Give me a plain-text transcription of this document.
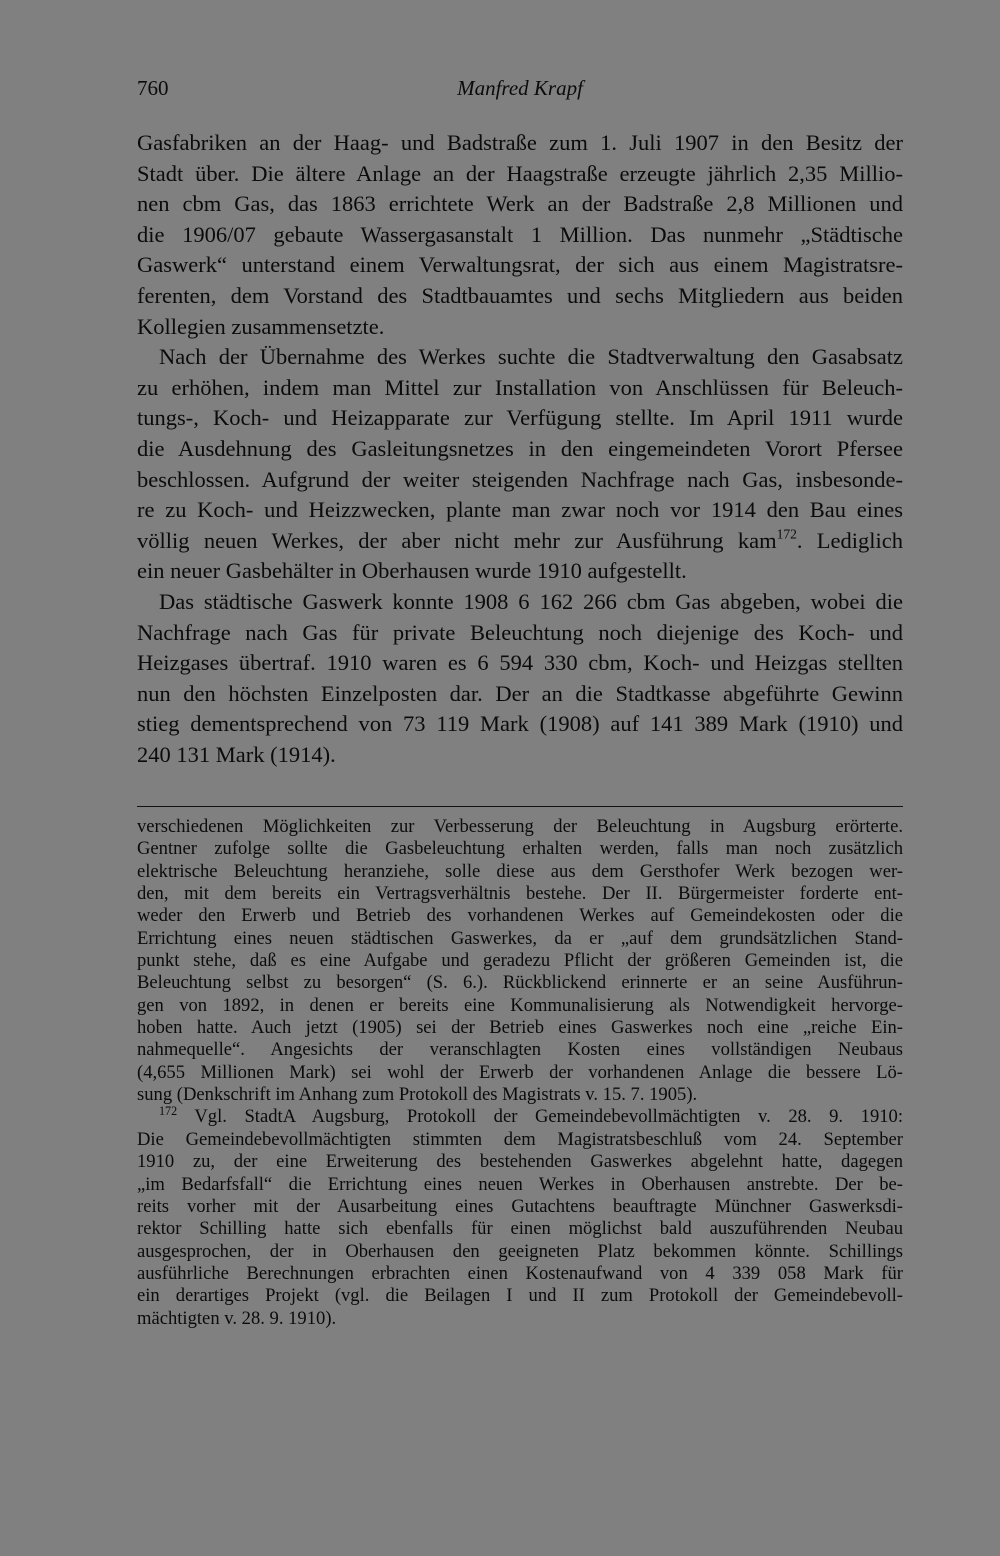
760	Manfred Krapf
Gasfabriken an der Haag- und Badstraße zum 1. Juli 1907 in den Besitz der
Stadt über. Die ältere Anlage an der Haagstraße erzeugte jährlich 2,35 Millio-
nen cbm Gas, das 1863 errichtete Werk an der Badstraße 2,8 Millionen und
die 1906/07 gebaute Wassergasanstalt 1 Million. Das nunmehr „Städtische
Gaswerk“ unterstand einem Verwaltungsrat, der sich aus einem Magistratsre-
ferenten, dem Vorstand des Stadtbauamtes und sechs Mitgliedern aus beiden
Kollegien zusammensetzte.
Nach der Übernahme des Werkes suchte die Stadtverwaltung den Gasabsatz
zu erhöhen, indem man Mittel zur Installation von Anschlüssen für Beleuch-
tungs-, Koch- und Heizapparate zur Verfügung stellte. Im April 1911 wurde
die Ausdehnung des Gasleitungsnetzes in den eingemeindeten Vorort Pfersee
beschlossen. Aufgrund der weiter steigenden Nachfrage nach Gas, insbesonde-
re zu Koch- und Heizzwecken, plante man zwar noch vor 1914 den Bau eines
völlig neuen Werkes, der aber nicht mehr zur Ausführung kam$^{172}$. Lediglich
ein neuer Gasbehälter in Oberhausen wurde 1910 aufgestellt.
Das städtische Gaswerk konnte 1908 6 162 266 cbm Gas abgeben, wobei die
Nachfrage nach Gas für private Beleuchtung noch diejenige des Koch- und
Heizgases übertraf. 1910 waren es 6 594 330 cbm, Koch- und Heizgas stellten
nun den höchsten Einzelposten dar. Der an die Stadtkasse abgeführte Gewinn
stieg dementsprechend von 73 119 Mark (1908) auf 141 389 Mark (1910) und
240 131 Mark (1914).
verschiedenen Möglichkeiten zur Verbesserung der Beleuchtung in Augsburg erörterte.
Gentner zufolge sollte die Gasbeleuchtung erhalten werden, falls man noch zusätzlich
elektrische Beleuchtung heranziehe, solle diese aus dem Gersthofer Werk bezogen wer-
den, mit dem bereits ein Vertragsverhältnis bestehe. Der II. Bürgermeister forderte ent-
weder den Erwerb und Betrieb des vorhandenen Werkes auf Gemeindekosten oder die
Errichtung eines neuen städtischen Gaswerkes, da er „auf dem grundsätzlichen Stand-
punkt stehe, daß es eine Aufgabe und geradezu Pflicht der größeren Gemeinden ist, die
Beleuchtung selbst zu besorgen“ (S. 6.). Rückblickend erinnerte er an seine Ausführun-
gen von 1892, in denen er bereits eine Kommunalisierung als Notwendigkeit hervorge-
hoben hatte. Auch jetzt (1905) sei der Betrieb eines Gaswerkes noch eine „reiche Ein-
nahmequelle“. Angesichts der veranschlagten Kosten eines vollständigen Neubaus
(4,655 Millionen Mark) sei wohl der Erwerb der vorhandenen Anlage die bessere Lö-
sung (Denkschrift im Anhang zum Protokoll des Magistrats v. 15. 7. 1905).
$^{172}$ Vgl. StadtA Augsburg, Protokoll der Gemeindebevollmächtigten v. 28. 9. 1910:
Die Gemeindebevollmächtigten stimmten dem Magistratsbeschluß vom 24. September
1910 zu, der eine Erweiterung des bestehenden Gaswerkes abgelehnt hatte, dagegen
„im Bedarfsfall“ die Errichtung eines neuen Werkes in Oberhausen anstrebte. Der be-
reits vorher mit der Ausarbeitung eines Gutachtens beauftragte Münchner Gaswerksdi-
rektor Schilling hatte sich ebenfalls für einen möglichst bald auszuführenden Neubau
ausgesprochen, der in Oberhausen den geeigneten Platz bekommen könnte. Schillings
ausführliche Berechnungen erbrachten einen Kostenaufwand von 4 339 058 Mark für
ein derartiges Projekt (vgl. die Beilagen I und II zum Protokoll der Gemeindebevoll-
mächtigten v. 28. 9. 1910).
